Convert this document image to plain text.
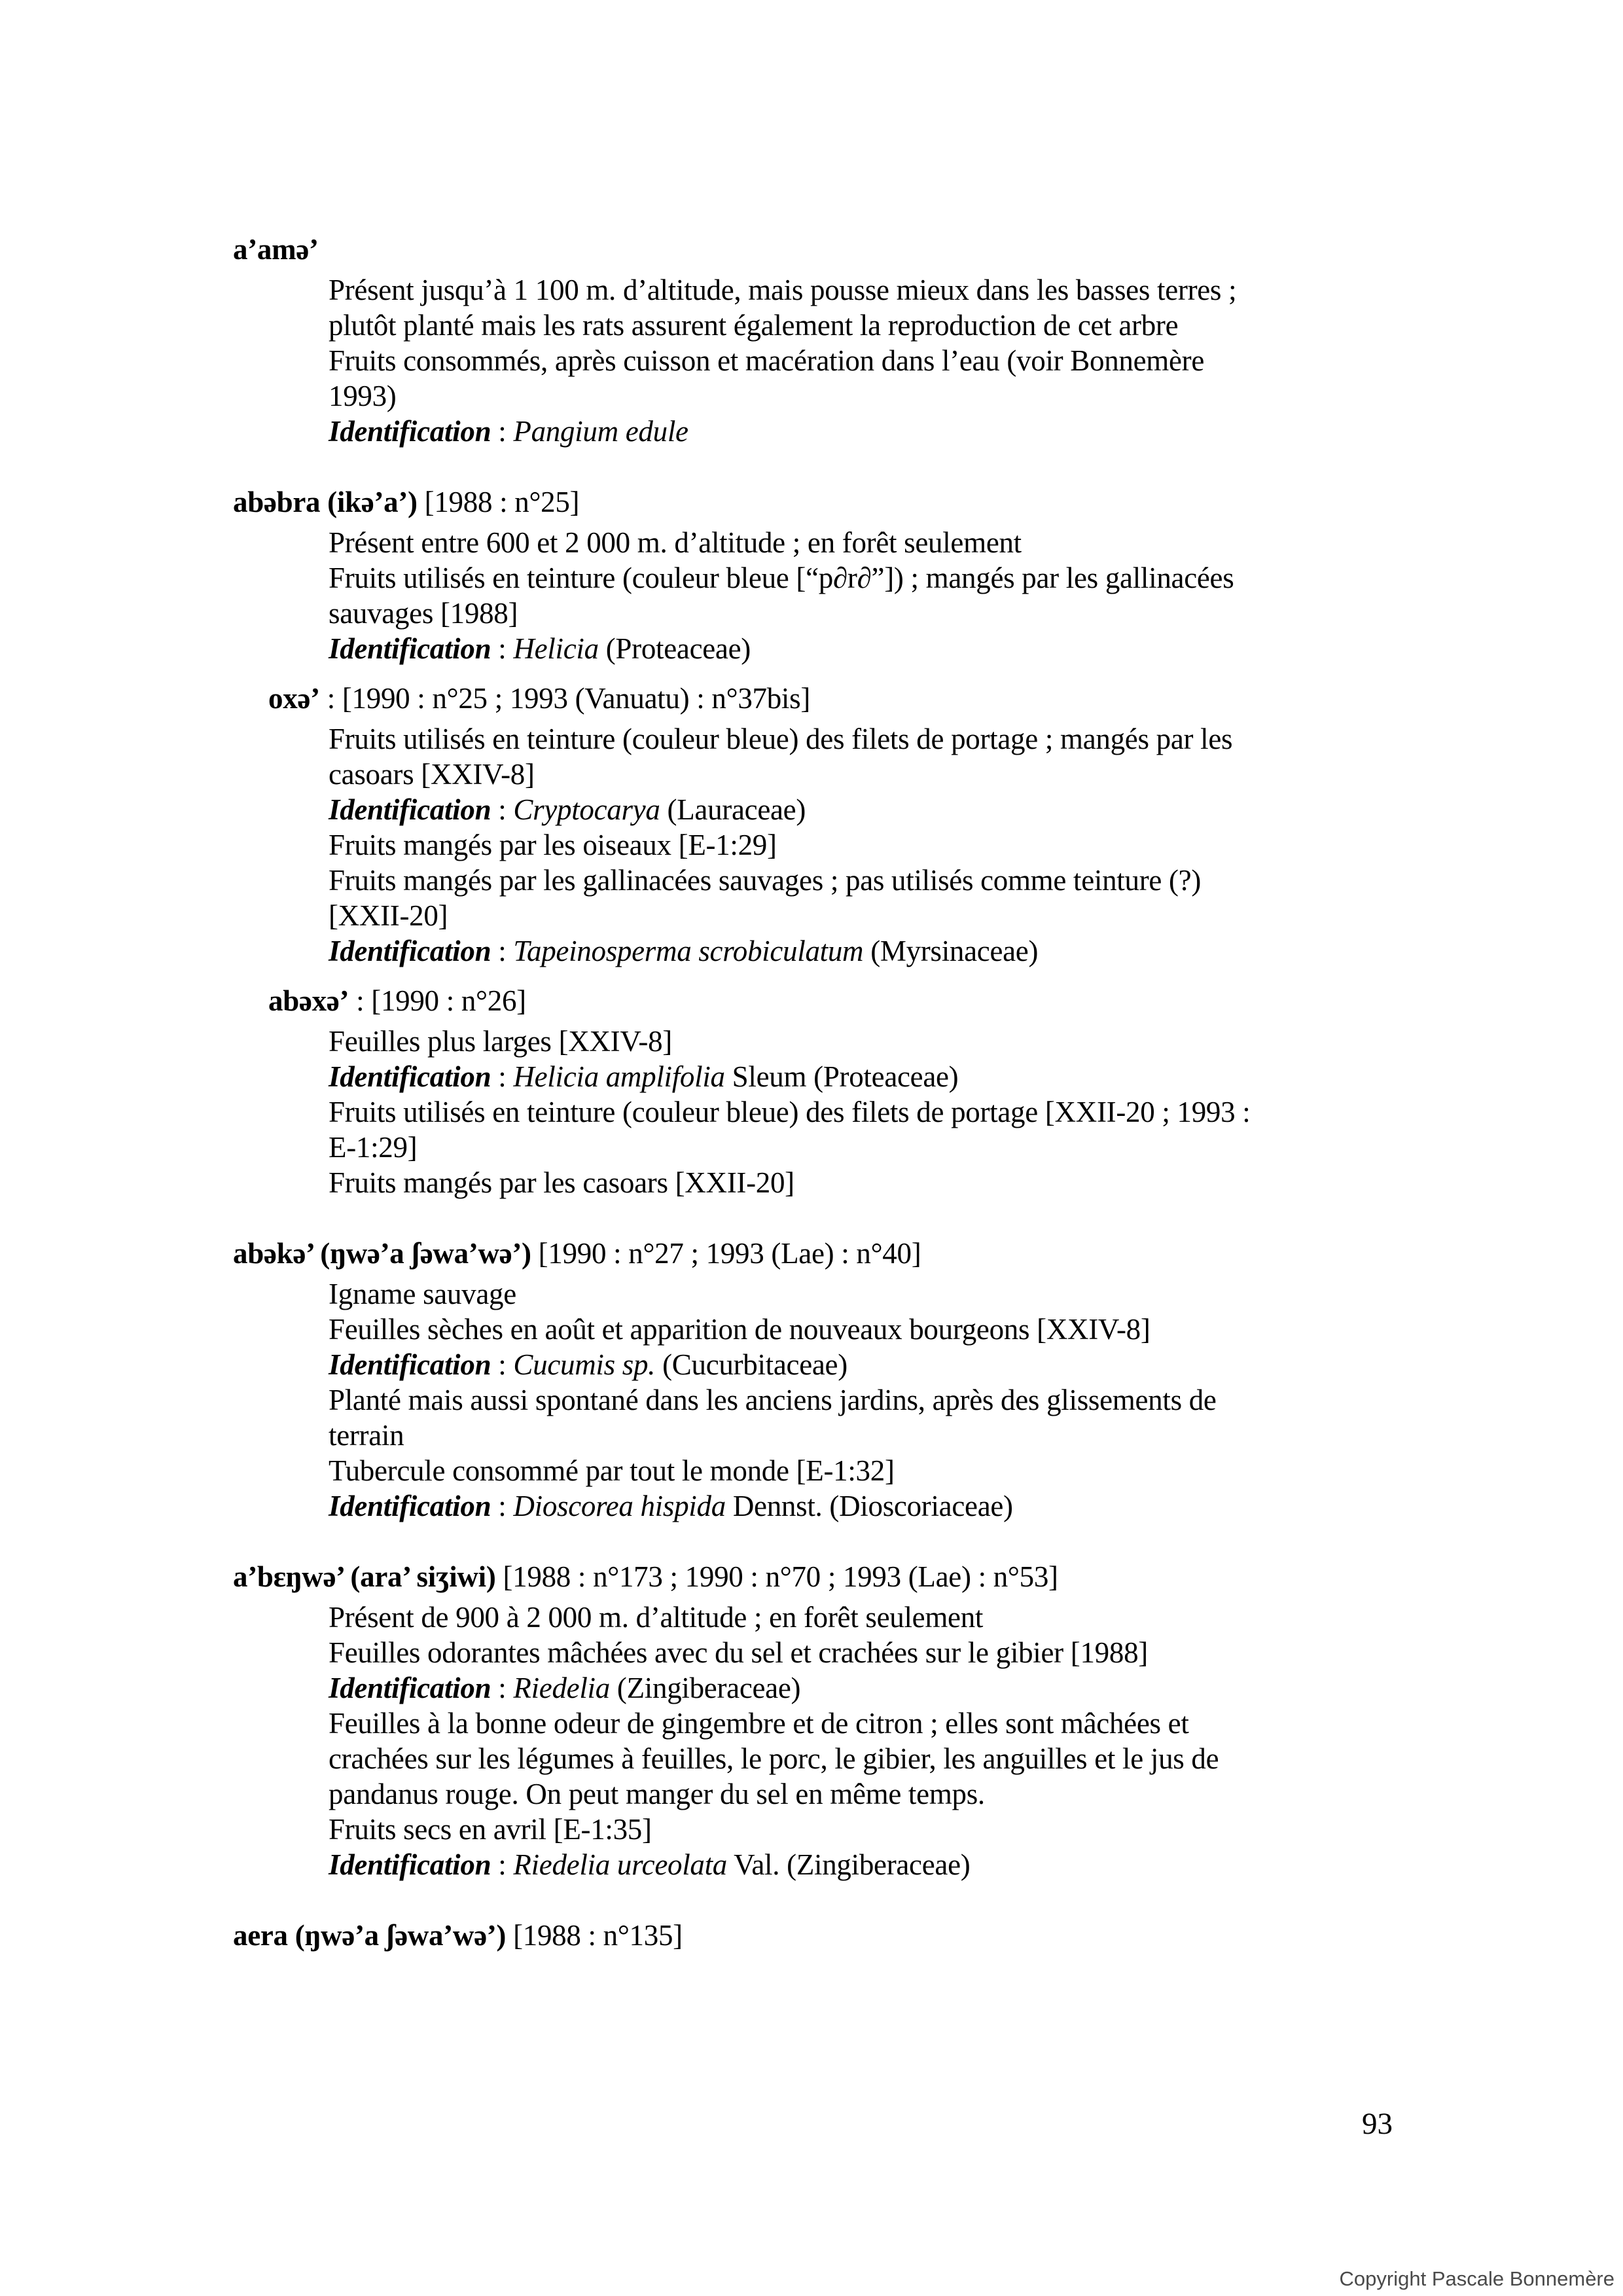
a’amə’
Présent jusqu’à 1 100 m. d’altitude, mais pousse mieux dans les basses terres ;
plutôt planté mais les rats assurent également la reproduction de cet arbre
Fruits consommés, après cuisson et macération dans l’eau (voir Bonnemère
1993)
Identification : Pangium edule
abəbra (ikə’a’) [1988 : n°25]
Présent entre 600 et 2 000 m. d’altitude ; en forêt seulement
Fruits utilisés en teinture (couleur bleue [“p∂r∂”]) ; mangés par les gallinacées
sauvages [1988]
Identification : Helicia (Proteaceae)
oxə’ : [1990 : n°25 ; 1993 (Vanuatu) : n°37bis]
Fruits utilisés en teinture (couleur bleue) des filets de portage ; mangés par les
casoars [XXIV-8]
Identification : Cryptocarya (Lauraceae)
Fruits mangés par les oiseaux [E-1:29]
Fruits mangés par les gallinacées sauvages ; pas utilisés comme teinture (?)
[XXII-20]
Identification : Tapeinosperma scrobiculatum (Myrsinaceae)
abəxə’ : [1990 : n°26]
Feuilles plus larges [XXIV-8]
Identification : Helicia amplifolia Sleum (Proteaceae)
Fruits utilisés en teinture (couleur bleue) des filets de portage [XXII-20 ; 1993 :
E-1:29]
Fruits mangés par les casoars [XXII-20]
abəkə’ (ŋwə’a ʃəwa’wə’) [1990 : n°27 ; 1993 (Lae) : n°40]
Igname sauvage
Feuilles sèches en août et apparition de nouveaux bourgeons [XXIV-8]
Identification : Cucumis sp. (Cucurbitaceae)
Planté mais aussi spontané dans les anciens jardins, après des glissements de
terrain
Tubercule consommé par tout le monde [E-1:32]
Identification : Dioscorea hispida Dennst. (Dioscoriaceae)
a’bɛŋwə’ (ara’ siʒiwi) [1988 : n°173 ; 1990 : n°70 ; 1993 (Lae) : n°53]
Présent de 900 à 2 000 m. d’altitude ; en forêt seulement
Feuilles odorantes mâchées avec du sel et crachées sur le gibier [1988]
Identification : Riedelia (Zingiberaceae)
Feuilles à la bonne odeur de gingembre et de citron ; elles sont mâchées et
crachées sur les légumes à feuilles, le porc, le gibier, les anguilles et le jus de
pandanus rouge. On peut manger du sel en même temps.
Fruits secs en avril [E-1:35]
Identification : Riedelia urceolata Val. (Zingiberaceae)
aera (ŋwə’a ʃəwa’wə’) [1988 : n°135]
93
Copyright Pascale Bonnemère
